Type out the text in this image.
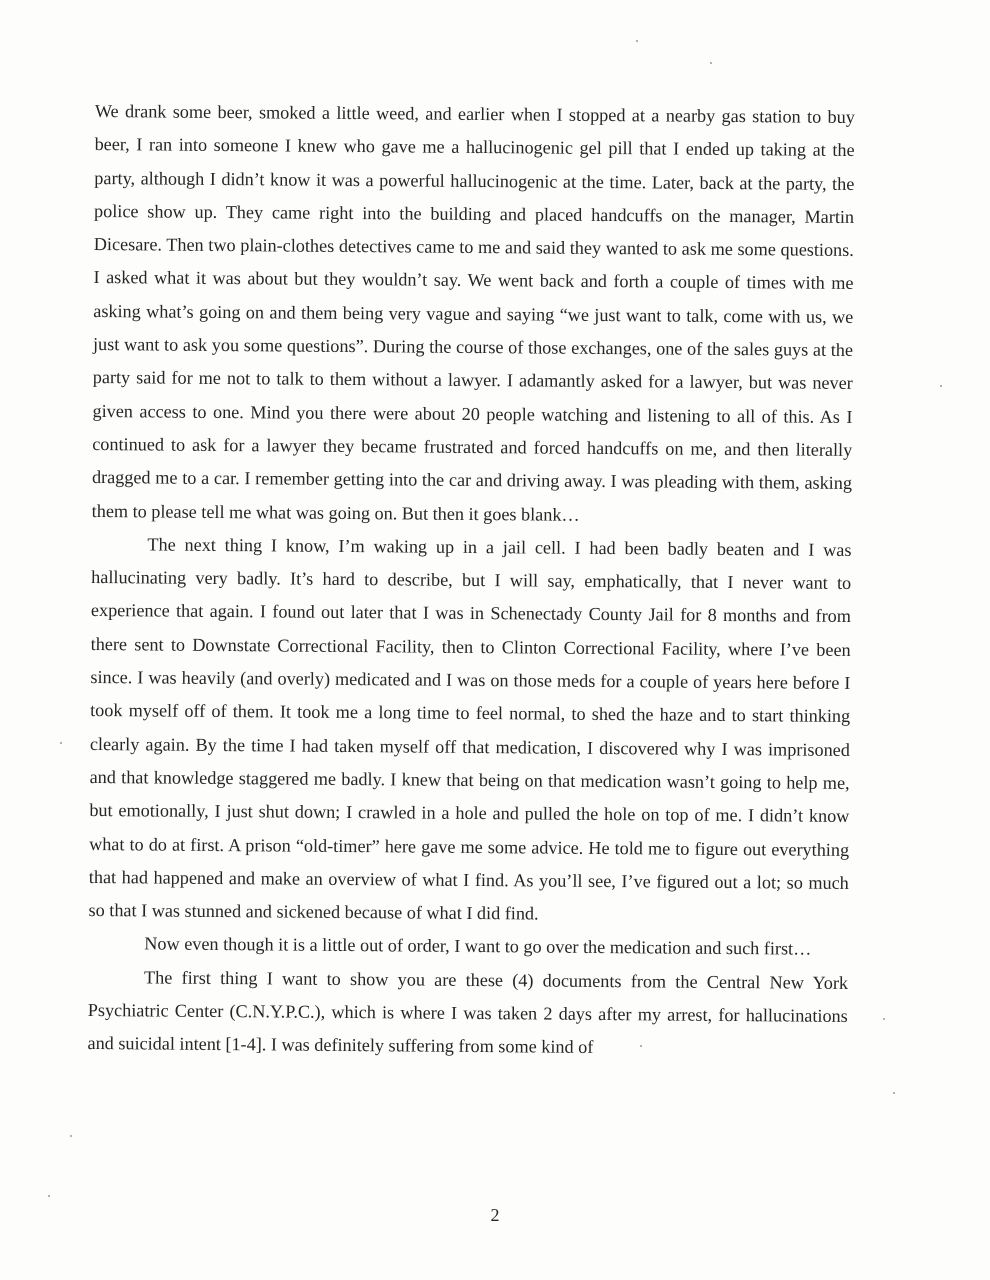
We drank some beer, smoked a little weed, and earlier when I stopped at a nearby gas station to buy beer, I ran into someone I knew who gave me a hallucinogenic gel pill that I ended up taking at the party, although I didn’t know it was a powerful hallucinogenic at the time. Later, back at the party, the police show up. They came right into the building and placed handcuffs on the manager, Martin Dicesare. Then two plain-clothes detectives came to me and said they wanted to ask me some questions. I asked what it was about but they wouldn’t say. We went back and forth a couple of times with me asking what’s going on and them being very vague and saying “we just want to talk, come with us, we just want to ask you some questions”. During the course of those exchanges, one of the sales guys at the party said for me not to talk to them without a lawyer. I adamantly asked for a lawyer, but was never given access to one. Mind you there were about 20 people watching and listening to all of this. As I continued to ask for a lawyer they became frustrated and forced handcuffs on me, and then literally dragged me to a car. I remember getting into the car and driving away. I was pleading with them, asking them to please tell me what was going on. But then it goes blank…

The next thing I know, I’m waking up in a jail cell. I had been badly beaten and I was hallucinating very badly. It’s hard to describe, but I will say, emphatically, that I never want to experience that again. I found out later that I was in Schenectady County Jail for 8 months and from there sent to Downstate Correctional Facility, then to Clinton Correctional Facility, where I’ve been since. I was heavily (and overly) medicated and I was on those meds for a couple of years here before I took myself off of them. It took me a long time to feel normal, to shed the haze and to start thinking clearly again. By the time I had taken myself off that medication, I discovered why I was imprisoned and that knowledge staggered me badly. I knew that being on that medication wasn’t going to help me, but emotionally, I just shut down; I crawled in a hole and pulled the hole on top of me. I didn’t know what to do at first. A prison “old-timer” here gave me some advice. He told me to figure out everything that had happened and make an overview of what I find. As you’ll see, I’ve figured out a lot; so much so that I was stunned and sickened because of what I did find.

Now even though it is a little out of order, I want to go over the medication and such first…

The first thing I want to show you are these (4) documents from the Central New York Psychiatric Center (C.N.Y.P.C.), which is where I was taken 2 days after my arrest, for hallucinations and suicidal intent [1-4]. I was definitely suffering from some kind of

2
